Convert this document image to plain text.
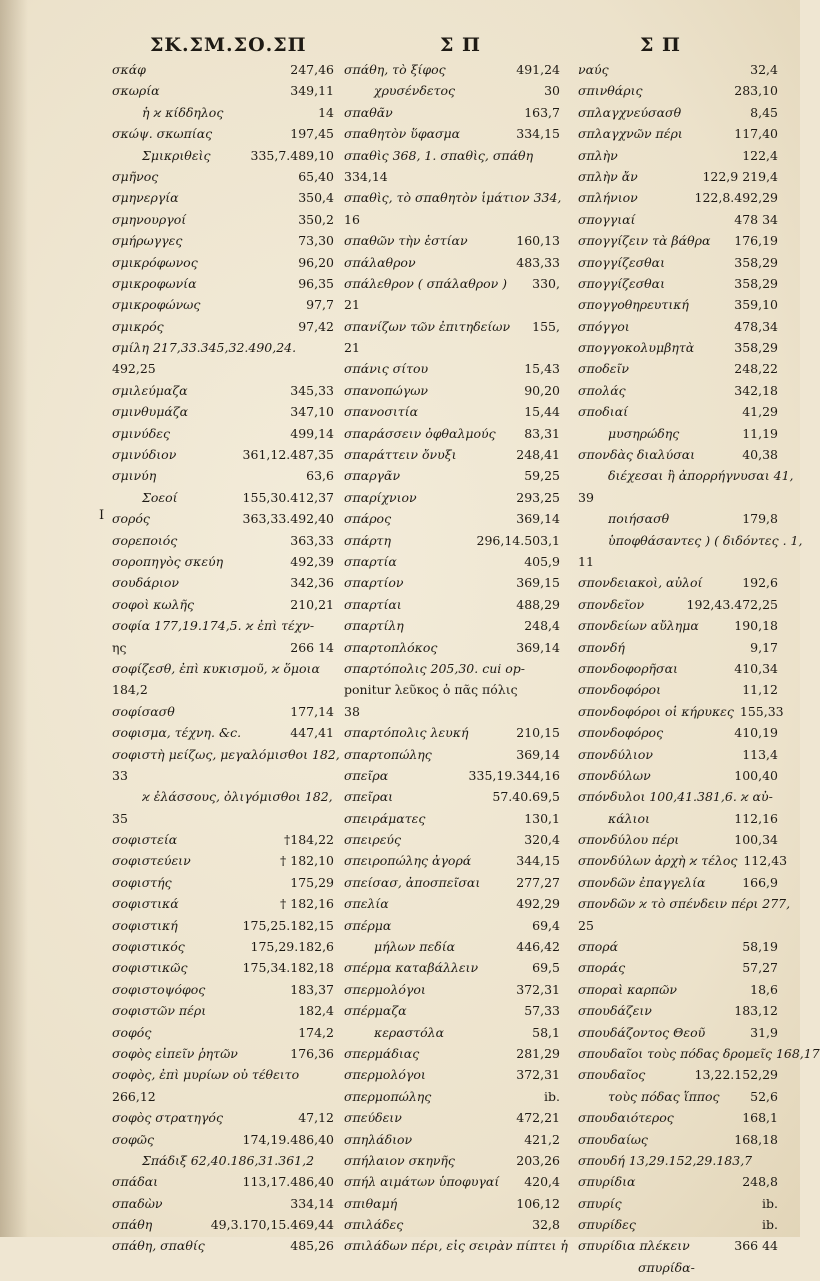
ΣΚ.ΣΜ.ΣΟ.ΣΠ	Σ Π	Σ Π
I
σκάφ	247,46
σκωρία	349,11
ἡ ϰ κίδδηλος	14
σκώψ. σκωπίας	197,45
Σμικριθεὶς	335,7.489,10
σμῆνος	65,40
σμηνεργία	350,4
σμηνουργοί	350,2
σμήρωγγες	73,30
σμικρόφωνος	96,20
σμικροφωνία	96,35
σμικροφώνως	97,7
σμικρός	97,42
σμίλη 217,33.345,32.490,24.
492,25
σμιλεύμαζα	345,33
σμινθυμάζα	347,10
σμινύδες	499,14
σμινύδιον	361,12.487,35
σμινύη	63,6
Σοεοί	155,30.412,37
σορός	363,33.492,40
σορεποιός	363,33
σοροπηγὸς σκεύη	492,39
σουδάριον	342,36
σοφοὶ κωλῆς	210,21
σοφία 177,19.174,5. ϰ ἐπὶ τέχν-
ης	266 14
σοφίζεσθ, ἐπὶ κυκισμοῦ, ϰ ὅμοια
184,2
σοφίσασθ	177,14
σοφισμα, τέχνη. &c.	447,41
σοφιστὴ μείζως, μεγαλόμισθοι 182,
33
ϰ ἐλάσσους, ὀλιγόμισθοι 182,
35
σοφιστεία	†184,22
σοφιστεύειν	† 182,10
σοφιστής	175,29
σοφιστικά	† 182,16
σοφιστική	175,25.182,15
σοφιστικός	175,29.182,6
σοφιστικῶς	175,34.182,18
σοφιστοψόφος	183,37
σοφιστῶν πέρι	182,4
σοφός	174,2
σοφὸς εἰπεῖν ῥητῶν	176,36
σοφὸς, ἐπὶ μυρίων οὐ τέθειτο
266,12
σοφὸς στρατηγός	47,12
σοφῶς	174,19.486,40
Σπάδιξ 62,40.186,31.361,2
σπάδαι	113,17.486,40
σπαδὼν	334,14
σπάθη	49,3.170,15.469,44
σπάθη, σπαθίς	485,26
σπάθη, τὸ ξίφος	491,24
χρυσένδετος	30
σπαθᾶν	163,7
σπαθητὸν ὕφασμα	334,15
σπαθὶς 368, 1. σπαθὶς, σπάθη
334,14
σπαθὶς, τὸ σπαθητὸν ἱμάτιον 334,
16
σπαθῶν τὴν ἑστίαν	160,13
σπάλαθρον	483,33
σπάλεθρον ( σπάλαθρον )	330,
21
σπανίζων τῶν ἐπιτηδείων	155,
21
σπάνις σίτου	15,43
σπανοπώγων	90,20
σπανοσιτία	15,44
σπαράσσειν ὀφθαλμούς	83,31
σπαράττειν ὄνυξι	248,41
σπαργᾶν	59,25
σπαρίχνιον	293,25
σπάρος	369,14
σπάρτη	296,14.503,1
σπαρτία	405,9
σπαρτίον	369,15
σπαρτίαι	488,29
σπαρτίλη	248,4
σπαρτοπλόκος	369,14
σπαρτόπολις 205,30. cui op-
ponitur λεῦκος ὁ πᾶς πόλις
38
σπαρτόπολις λευκή	210,15
σπαρτοπώλης	369,14
σπεῖρα	335,19.344,16
σπεῖραι	57.40.69,5
σπειράματες	130,1
σπειρεύς	320,4
σπειροπώλης ἀγορά	344,15
σπείσασ, ἀποσπεῖσαι	277,27
σπελία	492,29
σπέρμα	69,4
μήλων πεδία	446,42
σπέρμα καταβάλλειν	69,5
σπερμολόγοι	372,31
σπέρμαζα	57,33
κεραστόλα	58,1
σπερμάδιας	281,29
σπερμολόγοι	372,31
σπερμοπώλης	ib.
σπεύδειν	472,21
σπηλάδιον	421,2
σπήλαιον σκηνῆς	203,26
σπήλ αιμάτων ὑποφυγαί	420,4
σπιθαμή	106,12
σπιλάδες	32,8
σπιλάδων πέρι, εἰς σειρὰν πίπτει ἡ
ναύς	32,4
σπινθάρις	283,10
σπλαγχνεύσασθ	8,45
σπλαγχνῶν πέρι	117,40
σπλὴν	122,4
σπλὴν ἄν	122,9 219,4
σπλήνιον	122,8.492,29
σπογγιαί	478 34
σπογγίζειν τὰ βάθρα	176,19
σπογγίζεσθαι	358,29
σπογγίζεσθαι	358,29
σπογγοθηρευτική	359,10
σπόγγοι	478,34
σπογγοκολυμβητὰ	358,29
σποδεῖν	248,22
σπολάς	342,18
σποδιαί	41,29
μυσηρώδης	11,19
σπονδὰς διαλύσαι	40,38
διέχεσαι ἢ ἀπορρήγνυσαι 41,
39
ποιήσασθ	179,8
ὑποφθάσαντες ) ( διδόντες . 1,
11
σπονδειακοὶ, αὐλοί	192,6
σπονδεῖον	192,43.472,25
σπονδείων αὔλημα	190,18
σπονδή	9,17
σπονδοφορῆσαι	410,34
σπονδοφόροι	11,12
σπονδοφόροι οἱ κήρυκες 155,33
σπονδοφόρος	410,19
σπονδύλιον	113,4
σπονδύλων	100,40
σπόνδυλοι 100,41.381,6. ϰ αὐ-
κάλιοι	112,16
σπονδύλου πέρι	100,34
σπονδύλων ἀρχὴ ϰ τέλος 112,43
σπονδῶν ἐπαγγελία	166,9
σπονδῶν ϰ τὸ σπένδειν πέρι 277,
25
σπορά	58,19
σποράς	57,27
σποραὶ καρπῶν	18,6
σπουδάζειν	183,12
σπουδάζοντος Θεοῦ	31,9
σπουδαῖοι τοὺς πόδας δρομεῖς 168,17
σπουδαῖος	13,22.152,29
τοὺς πόδας ἵππος	52,6
σπουδαιότερος	168,1
σπουδαίως	168,18
σπουδή 13,29.152,29.183,7
σπυρίδια	248,8
σπυρίς	ib.
σπυρίδες	ib.
σπυρίδια πλέκειν	366 44
σπυρίδα-
